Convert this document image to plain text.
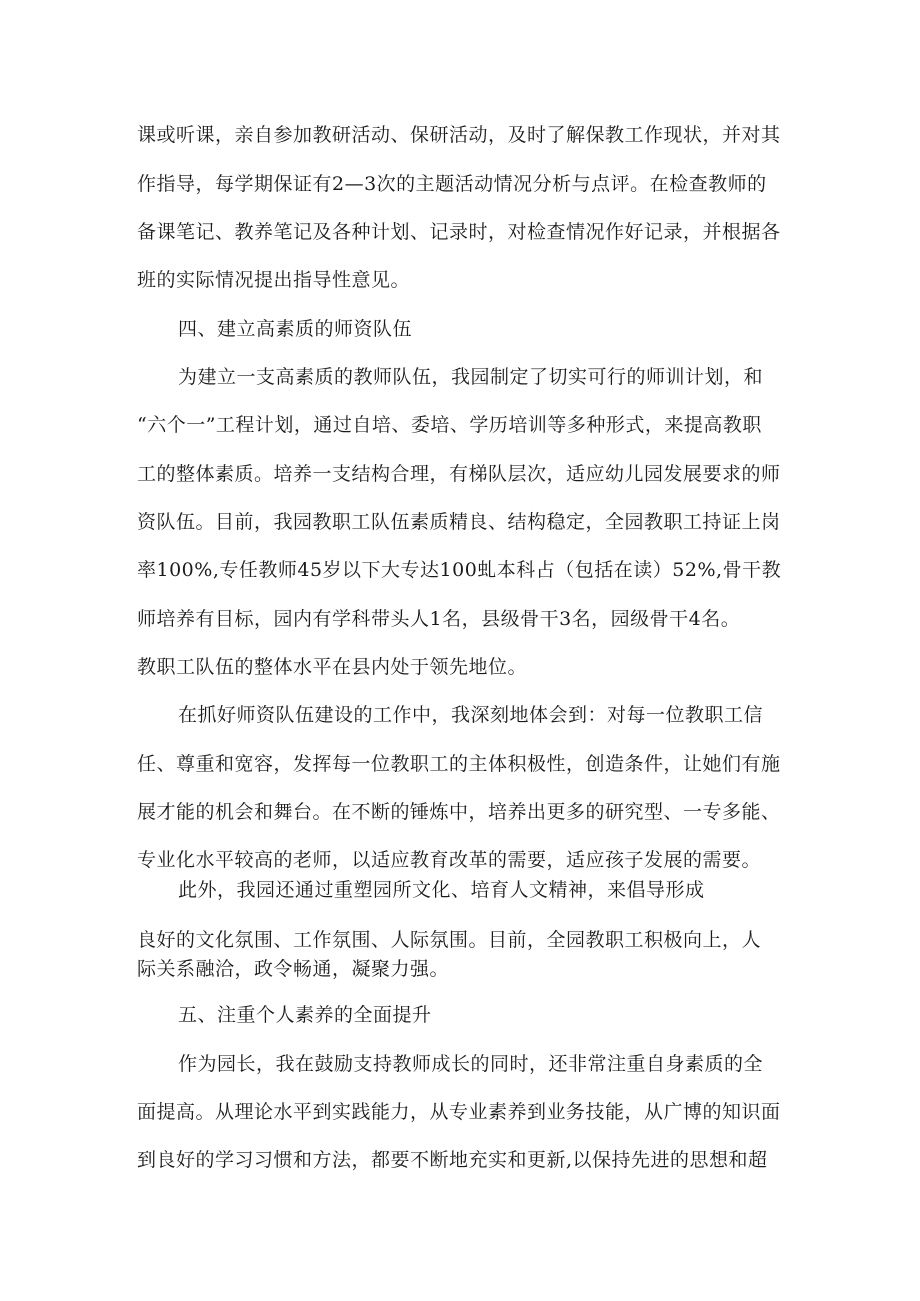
课或听课，亲自参加教研活动、保研活动，及时了解保教工作现状，并对其
作指导，每学期保证有2—3次的主题活动情况分析与点评。在检查教师的
备课笔记、教养笔记及各种计划、记录时，对检查情况作好记录，并根据各
班的实际情况提出指导性意见。
四、建立高素质的师资队伍
为建立一支高素质的教师队伍，我园制定了切实可行的师训计划，和
“六个一”工程计划，通过自培、委培、学历培训等多种形式，来提高教职
工的整体素质。培养一支结构合理，有梯队层次，适应幼儿园发展要求的师
资队伍。目前，我园教职工队伍素质精良、结构稳定，全园教职工持证上岗
率100%,专任教师45岁以下大专达100虬本科占（包括在读）52%,骨干教
师培养有目标，园内有学科带头人1名，县级骨干3名，园级骨干4名。
教职工队伍的整体水平在县内处于领先地位。
在抓好师资队伍建设的工作中，我深刻地体会到：对每一位教职工信
任、尊重和宽容，发挥每一位教职工的主体积极性，创造条件，让她们有施
展才能的机会和舞台。在不断的锤炼中，培养出更多的研究型、一专多能、
专业化水平较高的老师，以适应教育改革的需要，适应孩子发展的需要。
此外，我园还通过重塑园所文化、培育人文精神，来倡导形成
良好的文化氛围、工作氛围、人际氛围。目前，全园教职工积极向上，人
际关系融洽，政令畅通，凝聚力强。
五、注重个人素养的全面提升
作为园长，我在鼓励支持教师成长的同时，还非常注重自身素质的全
面提高。从理论水平到实践能力，从专业素养到业务技能，从广博的知识面
到良好的学习习惯和方法，都要不断地充实和更新,以保持先进的思想和超
